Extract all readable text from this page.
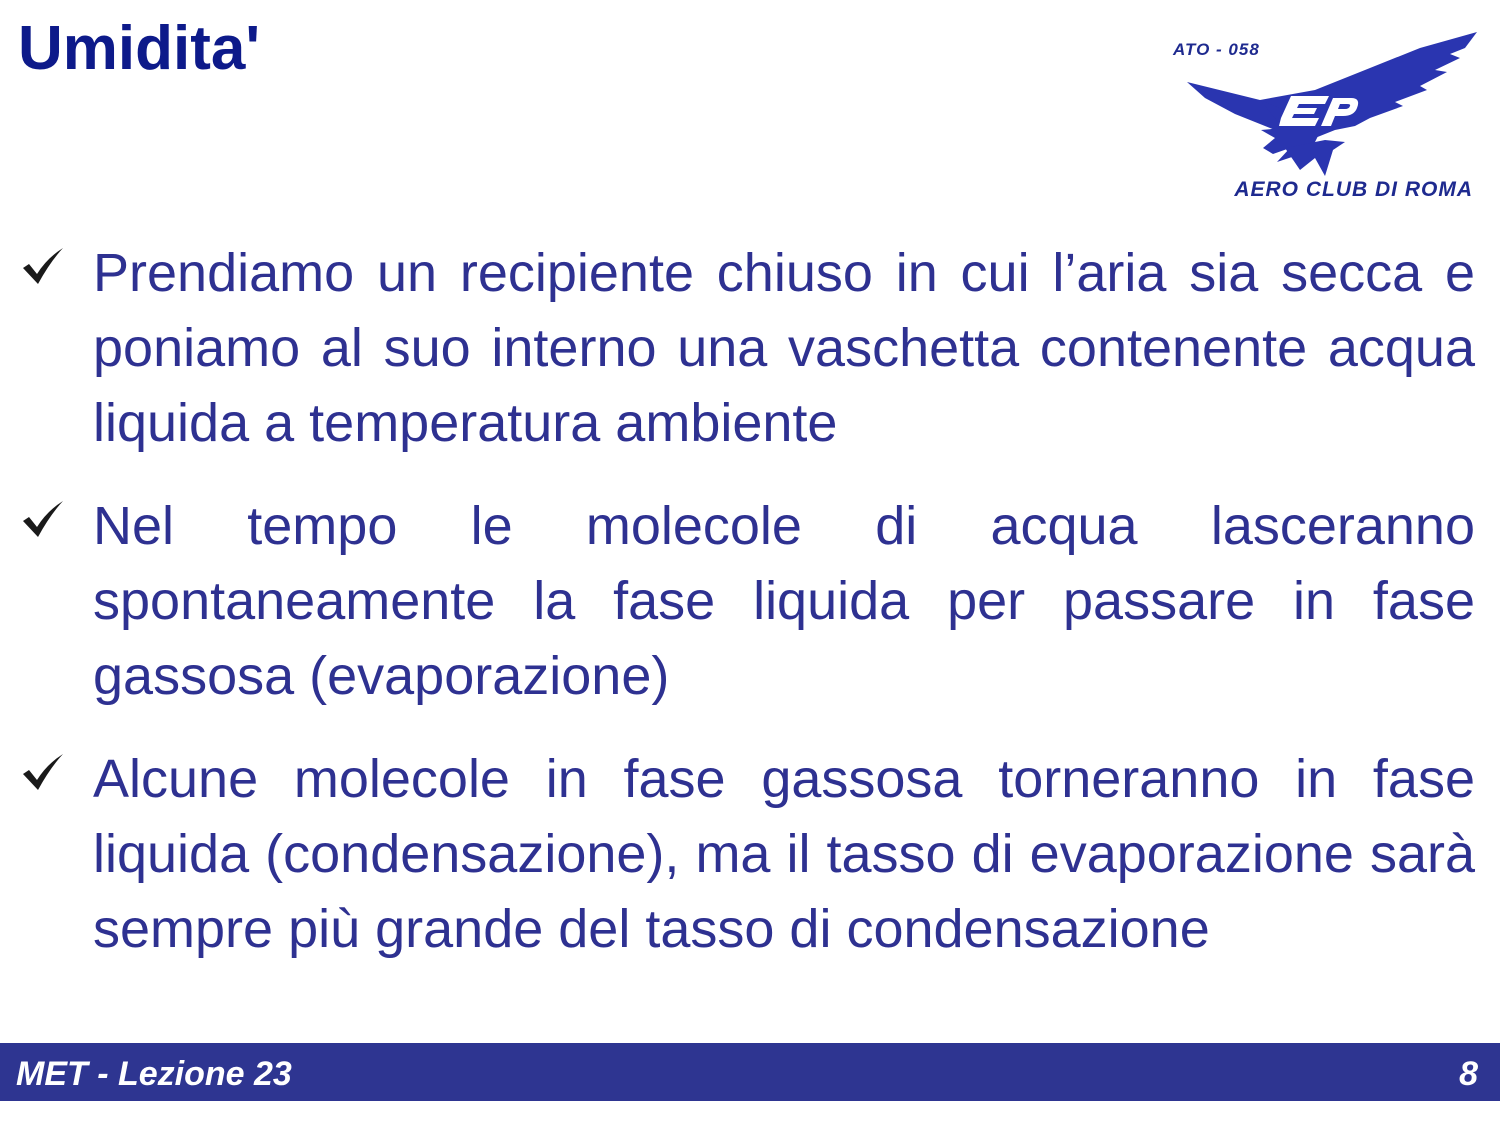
Umidita'	ATO - 058
AERO CLUB DI ROMA

Prendiamo un recipiente chiuso in cui l’aria sia secca e poniamo al suo interno una vaschetta contenente acqua liquida a temperatura ambiente

Nel tempo le molecole di acqua lasceranno spontaneamente la fase liquida per passare in fase gassosa (evaporazione)

Alcune molecole in fase gassosa torneranno in fase liquida (condensazione), ma il tasso di evaporazione sarà sempre più grande del tasso di condensazione

MET - Lezione 23	8
